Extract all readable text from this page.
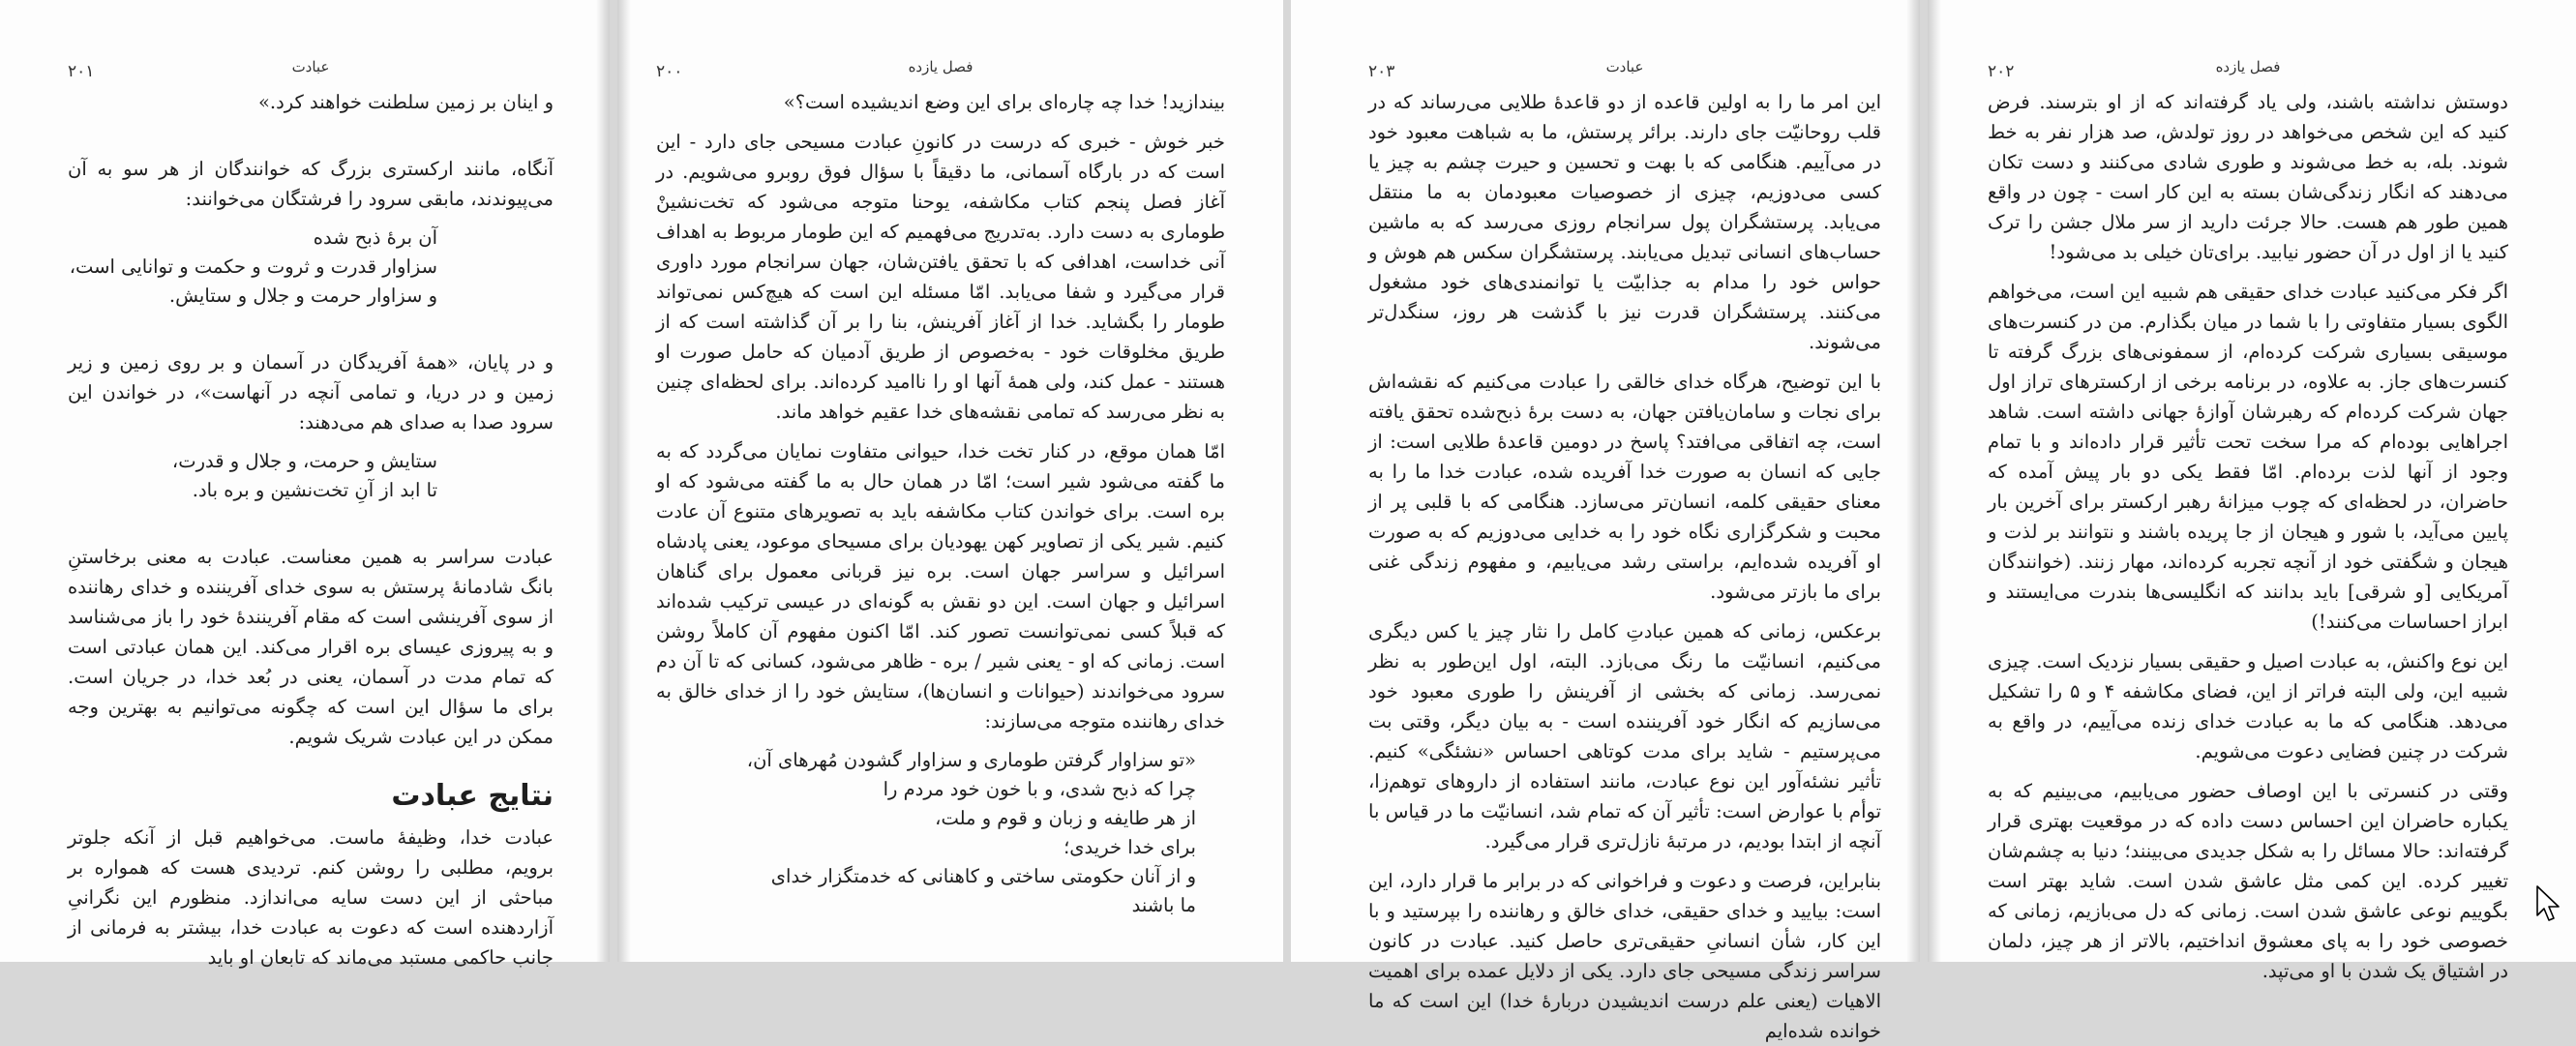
عبادت
۲۰۱

و اینان بر زمین سلطنت خواهند کرد.»

آنگاه، مانند ارکستری بزرگ که خوانندگان از هر سو به آن می‌پیوندند، مابقی سرود را فرشتگان می‌خوانند:

آن برهٔ ذبح شده
سزاوار قدرت و ثروت و حکمت و توانایی است،
و سزاوار حرمت و جلال و ستایش.

و در پایان، «همهٔ آفریدگان در آسمان و بر روی زمین و زیر زمین و در دریا، و تمامی آنچه در آنهاست»، در خواندن این سرود صدا به صدای هم می‌دهند:

ستایش و حرمت، و جلال و قدرت،
تا ابد از آنِ تخت‌نشین و بره باد.

عبادت سراسر به همین معناست. عبادت به معنی برخاستنِ بانگ شادمانهٔ پرستش به سوی خدای آفریننده و خدای رهاننده از سوی آفرینشی است که مقام آفرینندهٔ خود را باز می‌شناسد و به پیروزی عیسای بره اقرار می‌کند. این همان عبادتی است که تمام مدت در آسمان، یعنی در بُعد خدا، در جریان است. برای ما سؤال این است که چگونه می‌توانیم به بهترین وجه ممکن در این عبادت شریک شویم.

نتایج عبادت

عبادت خدا، وظیفهٔ ماست. می‌خواهیم قبل از آنکه جلوتر برویم، مطلبی را روشن کنم. تردیدی هست که همواره بر مباحثی از این دست سایه می‌اندازد. منظورم این نگرانیِ آزاردهنده است که دعوت به عبادت خدا، بیشتر به فرمانی از جانب حاکمی مستبد می‌ماند که تابعان او باید

فصل یازده
۲۰۰

بیندازید! خدا چه چاره‌ای برای این وضع اندیشیده است؟»

خبر خوش - خبری که درست در کانونِ عبادت مسیحی جای دارد - این است که در بارگاه آسمانی، ما دقیقاً با سؤال فوق روبرو می‌شویم. در آغاز فصل پنجم کتاب مکاشفه، یوحنا متوجه می‌شود که تخت‌نشینْ طوماری به دست دارد. به‌تدریج می‌فهمیم که این طومار مربوط به اهداف آنی خداست، اهدافی که با تحقق یافتن‌شان، جهان سرانجام مورد داوری قرار می‌گیرد و شفا می‌یابد. امّا مسئله این است که هیچ‌کس نمی‌تواند طومار را بگشاید. خدا از آغاز آفرینش، بنا را بر آن گذاشته است که از طریق مخلوقات خود - به‌خصوص از طریق آدمیان که حامل صورت او هستند - عمل کند، ولی همهٔ آنها او را ناامید کرده‌اند. برای لحظه‌ای چنین به نظر می‌رسد که تمامی نقشه‌های خدا عقیم خواهد ماند.

امّا همان موقع، در کنار تخت خدا، حیوانی متفاوت نمایان می‌گردد که به ما گفته می‌شود شیر است؛ امّا در همان حال به ما گفته می‌شود که او بره است. برای خواندن کتاب مکاشفه باید به تصویرهای متنوع آن عادت کنیم. شیر یکی از تصاویر کهن یهودیان برای مسیحای موعود، یعنی پادشاه اسرائیل و سراسر جهان است. بره نیز قربانی معمول برای گناهان اسرائیل و جهان است. این دو نقش به گونه‌ای در عیسی ترکیب شده‌اند که قبلاً کسی نمی‌توانست تصور کند. امّا اکنون مفهوم آن کاملاً روشن است. زمانی که او - یعنی شیر / بره - ظاهر می‌شود، کسانی که تا آن دم سرود می‌خواندند (حیوانات و انسان‌ها)، ستایش خود را از خدای خالق به خدای رهاننده متوجه می‌سازند:

«تو سزاوار گرفتن طوماری و سزاوار گشودن مُهرهای آن،
چرا که ذبح شدی، و با خون خود مردم را
از هر طایفه و زبان و قوم و ملت،
برای خدا خریدی؛
و از آنان حکومتی ساختی و کاهنانی که خدمتگزار خدای
ما باشند
عبادت
۲۰۳

این امر ما را به اولین قاعده از دو قاعدهٔ طلایی می‌رساند که در قلب روحانیّت جای دارند. برائر پرستش، ما به شباهت معبود خود در می‌آییم. هنگامی که با بهت و تحسین و حیرت چشم به چیز یا کسی می‌دوزیم، چیزی از خصوصیات معبودمان به ما منتقل می‌یابد. پرستشگران پول سرانجام روزی می‌رسد که به ماشین حساب‌های انسانی تبدیل می‌یابند. پرستشگران سکس هم هوش و حواس خود را مدام به جذابیّت یا توانمندی‌های خود مشغول می‌کنند. پرستشگران قدرت نیز با گذشت هر روز، سنگدل‌تر می‌شوند.

با این توضیح، هرگاه خدای خالقی را عبادت می‌کنیم که نقشه‌اش برای نجات و سامان‌یافتن جهان، به دست برهٔ ذبح‌شده تحقق یافته است، چه اتفاقی می‌افتد؟ پاسخ در دومین قاعدهٔ طلایی است: از جایی که انسان به صورت خدا آفریده شده، عبادت خدا ما را به معنای حقیقی کلمه، انسان‌تر می‌سازد. هنگامی که با قلبی پر از محبت و شکرگزاری نگاه خود را به خدایی می‌دوزیم که به صورت او آفریده شده‌ایم، براستی رشد می‌یابیم، و مفهوم زندگی غنی برای ما بازتر می‌شود.

برعکس، زمانی که همین عبادتِ کامل را نثار چیز یا کس دیگری می‌کنیم، انسانیّت ما رنگ می‌بازد. البته، اول این‌طور به نظر نمی‌رسد. زمانی که بخشی از آفرینش را طوری معبود خود می‌سازیم که انگار خود آفریننده است - به بیان دیگر، وقتی بت می‌پرستیم - شاید برای مدت کوتاهی احساس «نشئگی» کنیم. تأثیر نشئه‌آور این نوع عبادت، مانند استفاده از داروهای توهم‌زا، توأم با عوارض است: تأثیر آن که تمام شد، انسانیّت ما در قیاس با آنچه از ابتدا بودیم، در مرتبهٔ نازل‌تری قرار می‌گیرد.

بنابراین، فرصت و دعوت و فراخوانی که در برابر ما قرار دارد، این است: بیایید و خدای حقیقی، خدای خالق و رهاننده را بپرستید و با این کار، شأن انسانیِ حقیقی‌تری حاصل کنید. عبادت در کانون سراسر زندگی مسیحی جای دارد. یکی از دلایل عمده برای اهمیت الاهیات (یعنی علم درست اندیشیدن دربارهٔ خدا) این است که ما خوانده شده‌ایم

فصل یازده
۲۰۲

دوستش نداشته باشند، ولی یاد گرفته‌اند که از او بترسند. فرض کنید که این شخص می‌خواهد در روز تولدش، صد هزار نفر به خط شوند. بله، به خط می‌شوند و طوری شادی می‌کنند و دست تکان می‌دهند که انگار زندگی‌شان بسته به این کار است - چون در واقع همین طور هم هست. حالا جرئت دارید از سر ملال جشن را ترک کنید یا از اول در آن حضور نیابید. برای‌تان خیلی بد می‌شود!

اگر فکر می‌کنید عبادت خدای حقیقی هم شبیه این است، می‌خواهم الگوی بسیار متفاوتی را با شما در میان بگذارم. من در کنسرت‌های موسیقی بسیاری شرکت کرده‌ام، از سمفونی‌های بزرگ گرفته تا کنسرت‌های جاز. به علاوه، در برنامه برخی از ارکسترهای تراز اول جهان شرکت کرده‌ام که رهبرشان آوازهٔ جهانی داشته است. شاهد اجراهایی بوده‌ام که مرا سخت تحت تأثیر قرار داده‌اند و با تمام وجود از آنها لذت برده‌ام. امّا فقط یکی دو بار پیش آمده که حاضران، در لحظه‌ای که چوب میزانهٔ رهبر ارکستر برای آخرین بار پایین می‌آید، با شور و هیجان از جا پریده باشند و نتوانند بر لذت و هیجان و شگفتی خود از آنچه تجربه کرده‌اند، مهار زنند. (خوانندگان آمریکایی [و شرقی] باید بدانند که انگلیسی‌ها بندرت می‌ایستند و ابراز احساسات می‌کنند!)

این نوع واکنش، به عبادت اصیل و حقیقی بسیار نزدیک است. چیزی شبیه این، ولی البته فراتر از این، فضای مکاشفه ۴ و ۵ را تشکیل می‌دهد. هنگامی که ما به عبادت خدای زنده می‌آییم، در واقع به شرکت در چنین فضایی دعوت می‌شویم.

وقتی در کنسرتی با این اوصاف حضور می‌یابیم، می‌بینیم که به یکباره حاضران این احساس دست داده که در موقعیت بهتری قرار گرفته‌اند: حالا مسائل را به شکل جدیدی می‌بینند؛ دنیا به چشم‌شان تغییر کرده. این کمی مثل عاشق شدن است. شاید بهتر است بگوییم نوعی عاشق شدن است. زمانی که دل می‌بازیم، زمانی که خصوصی خود را به پای معشوق انداختیم، بالاتر از هر چیز، دلمان در اشتیاق یک شدن با او می‌تپد.
